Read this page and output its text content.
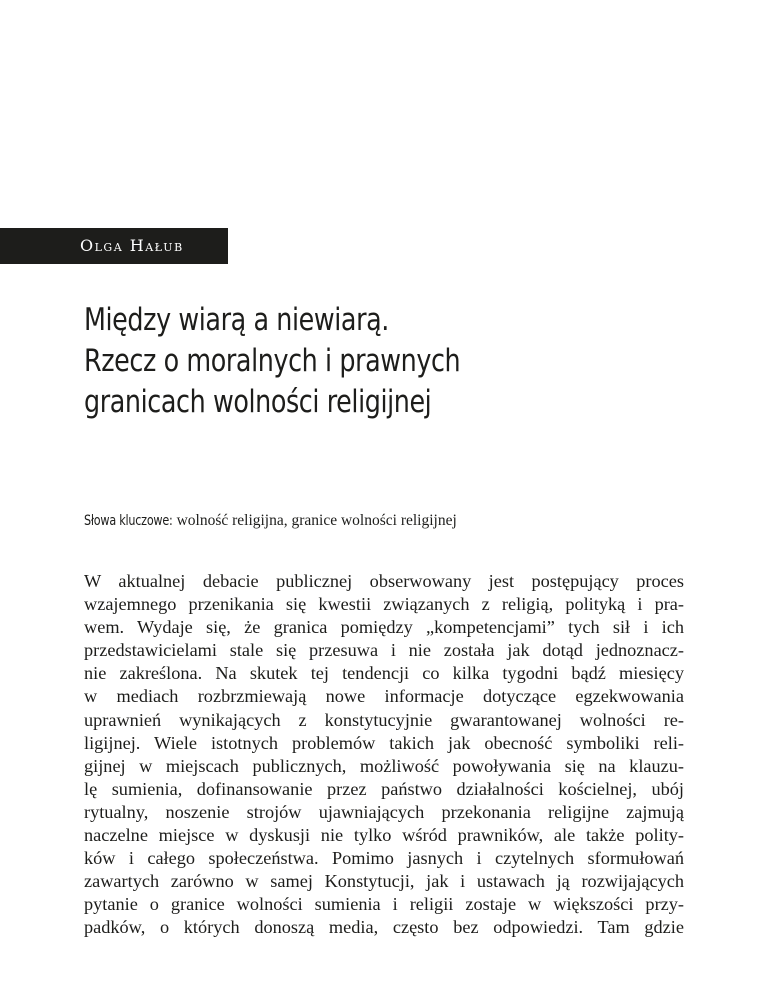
Olga Hałub
Między wiarą a niewiarą.
Rzecz o moralnych i prawnych
granicach wolności religijnej
Słowa kluczowe: wolność religijna, granice wolności religijnej
W aktualnej debacie publicznej obserwowany jest postępujący proces
wzajemnego przenikania się kwestii związanych z religią, polityką i pra-
wem. Wydaje się, że granica pomiędzy „kompetencjami” tych sił i ich
przedstawicielami stale się przesuwa i nie została jak dotąd jednoznacz-
nie zakreślona. Na skutek tej tendencji co kilka tygodni bądź miesięcy
w mediach rozbrzmiewają nowe informacje dotyczące egzekwowania
uprawnień wynikających z konstytucyjnie gwarantowanej wolności re-
ligijnej. Wiele istotnych problemów takich jak obecność symboliki reli-
gijnej w miejscach publicznych, możliwość powoływania się na klauzu-
lę sumienia, dofinansowanie przez państwo działalności kościelnej, ubój
rytualny, noszenie strojów ujawniających przekonania religijne zajmują
naczelne miejsce w dyskusji nie tylko wśród prawników, ale także polity-
ków i całego społeczeństwa. Pomimo jasnych i czytelnych sformułowań
zawartych zarówno w samej Konstytucji, jak i ustawach ją rozwijających
pytanie o granice wolności sumienia i religii zostaje w większości przy-
padków, o których donoszą media, często bez odpowiedzi. Tam gdzie
